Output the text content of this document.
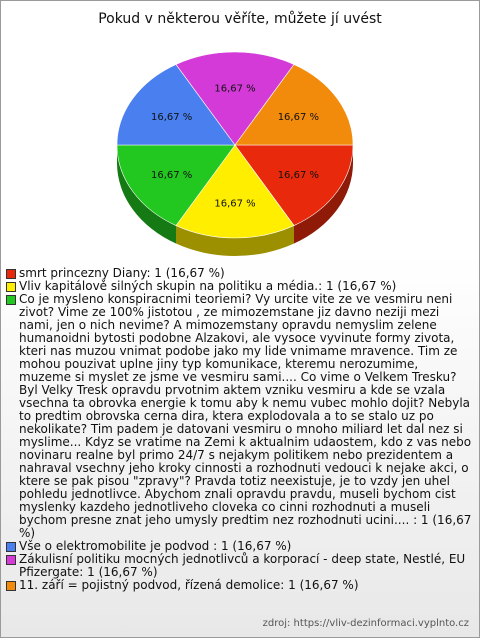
Pokud v některou věříte, můžete jí uvést
16,67 %
16,67 %
16,67 %
16,67 %
16,67 %
16,67 %
smrt princezny Diany: 1 (16,67 %)
Vliv kapitálově silných skupin na politiku a média.: 1 (16,67 %)
Co je mysleno konspiracnimi teoriemi? Vy urcite vite ze ve vesmiru neni zivot? Vime ze 100% jistotou , ze mimozemstane jiz davno neziji mezi nami, jen o nich nevime? A mimozemstany opravdu nemyslim zelene humanoidni bytosti podobne Alzakovi, ale vysoce vyvinute formy zivota, kteri nas muzou vnimat podobe jako my lide vnimame mravence. Tim ze mohou pouzivat uplne jiny typ komunikace, kteremu nerozumime, muzeme si myslet ze jsme ve vesmiru sami.... Co vime o Velkem Tresku? Byl Velky Tresk opravdu prvotnim aktem vzniku vesmiru a kde se vzala vsechna ta obrovka energie k tomu aby k nemu vubec mohlo dojit? Nebyla to predtim obrovska cerna dira, ktera explodovala a to se stalo uz po nekolikate? Tim padem je datovani vesmiru o mnoho miliard let dal nez si myslime... Kdyz se vratime na Zemi k aktualnim udaostem, kdo z vas nebo novinaru realne byl primo 24/7 s nejakym politikem nebo prezidentem a nahraval vsechny jeho kroky cinnosti a rozhodnuti vedouci k nejake akci, o ktere se pak pisou "zpravy"? Pravda totiz neexistuje, je to vzdy jen uhel pohledu jednotlivce. Abychom znali opravdu pravdu, museli bychom cist myslenky kazdeho jednotliveho cloveka co cinni rozhodnuti a museli bychom presne znat jeho umysly predtim nez rozhodnuti ucini.... : 1 (16,67 %)
Vše o elektromobilite je podvod : 1 (16,67 %)
Zákulisní politiku mocných jednotlivců a korporací - deep state, Nestlé, EU Pfizergate: 1 (16,67 %)
11. září = pojistný podvod, řízená demolice: 1 (16,67 %)
zdroj: https://vliv-dezinformaci.vyplnto.cz
